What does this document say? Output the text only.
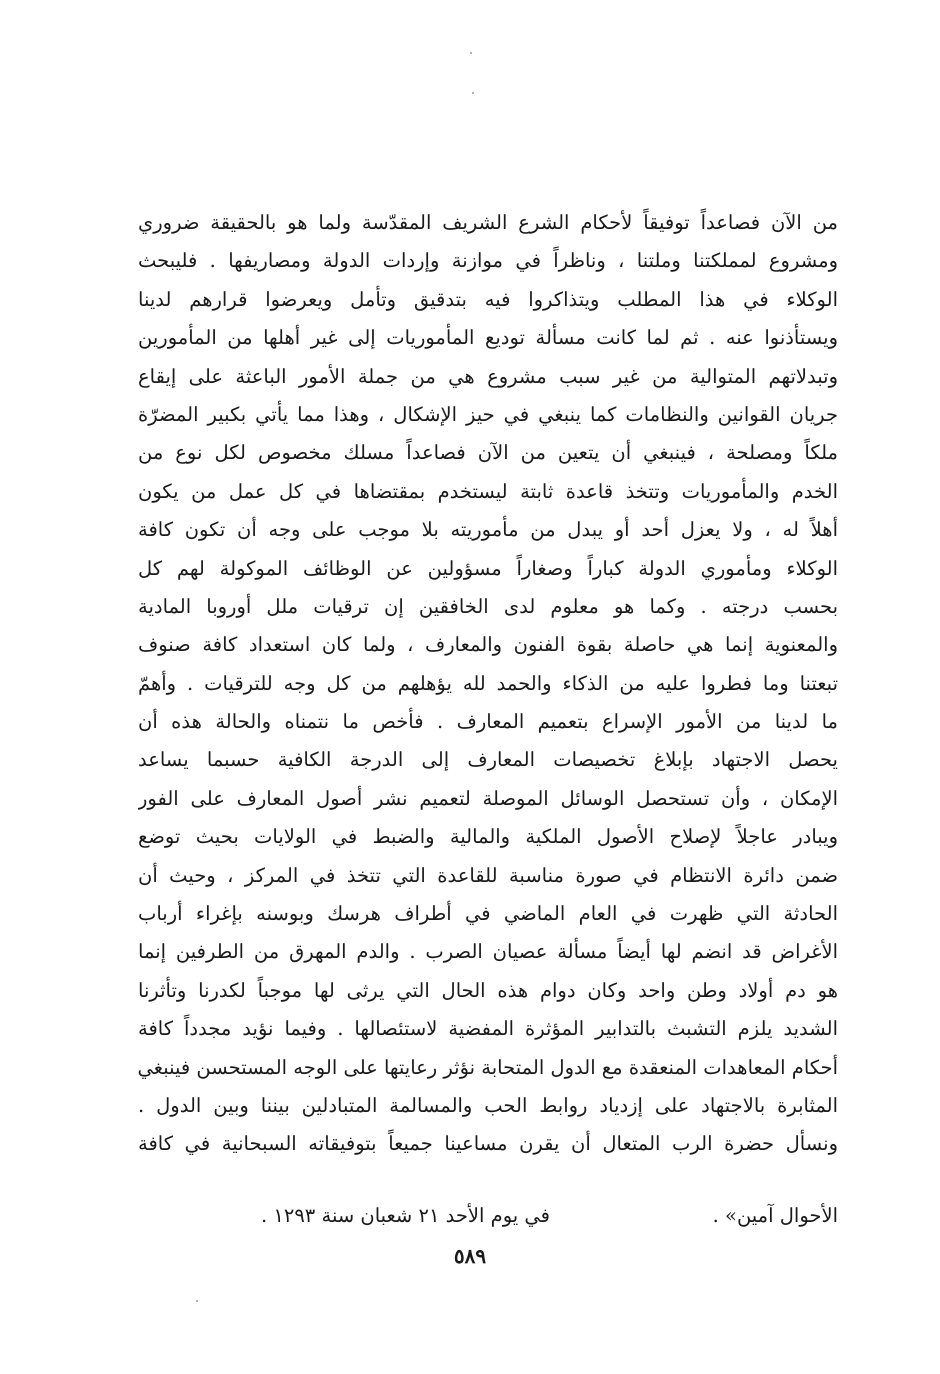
من الآن فصاعداً توفيقاً لأحكام الشرع الشريف المقدّسة ولما هو بالحقيقة ضروري
ومشروع لمملكتنا وملتنا ، وناظراً في موازنة وإردات الدولة ومصاريفها . فليبحث
الوكلاء في هذا المطلب ويتذاكروا فيه بتدقيق وتأمل ويعرضوا قرارهم لدينا
ويستأذنوا عنه . ثم لما كانت مسألة توديع المأموريات إلى غير أهلها من المأمورين
وتبدلاتهم المتوالية من غير سبب مشروع هي من جملة الأمور الباعثة على إيقاع
جريان القوانين والنظامات كما ينبغي في حيز الإشكال ، وهذا مما يأتي بكبير المضرّة
ملكاً ومصلحة ، فينبغي أن يتعين من الآن فصاعداً مسلك مخصوص لكل نوع من
الخدم والمأموريات وتتخذ قاعدة ثابتة ليستخدم بمقتضاها في كل عمل من يكون
أهلاً له ، ولا يعزل أحد أو يبدل من مأموريته بلا موجب على وجه أن تكون كافة
الوكلاء ومأموري الدولة كباراً وصغاراً مسؤولين عن الوظائف الموكولة لهم كل
بحسب درجته . وكما هو معلوم لدى الخافقين إن ترقيات ملل أوروبا المادية
والمعنوية إنما هي حاصلة بقوة الفنون والمعارف ، ولما كان استعداد كافة صنوف
تبعتنا وما فطروا عليه من الذكاء والحمد لله يؤهلهم من كل وجه للترقيات . وأهمّ
ما لدينا من الأمور الإسراع بتعميم المعارف . فأخص ما نتمناه والحالة هذه أن
يحصل الاجتهاد بإبلاغ تخصيصات المعارف إلى الدرجة الكافية حسبما يساعد
الإمكان ، وأن تستحصل الوسائل الموصلة لتعميم نشر أصول المعارف على الفور
ويبادر عاجلاً لإصلاح الأصول الملكية والمالية والضبط في الولايات بحيث توضع
ضمن دائرة الانتظام في صورة مناسبة للقاعدة التي تتخذ في المركز ، وحيث أن
الحادثة التي ظهرت في العام الماضي في أطراف هرسك وبوسنه بإغراء أرباب
الأغراض قد انضم لها أيضاً مسألة عصيان الصرب . والدم المهرق من الطرفين إنما
هو دم أولاد وطن واحد وكان دوام هذه الحال التي يرثى لها موجباً لكدرنا وتأثرنا
الشديد يلزم التشبث بالتدابير المؤثرة المفضية لاستئصالها . وفيما نؤيد مجدداً كافة
أحكام المعاهدات المنعقدة مع الدول المتحابة نؤثر رعايتها على الوجه المستحسن فينبغي
المثابرة بالاجتهاد على إزدياد روابط الحب والمسالمة المتبادلين بيننا وبين الدول .
ونسأل حضرة الرب المتعال أن يقرن مساعينا جميعاً بتوفيقاته السبحانية في كافة
الأحوال آمين» .
في يوم الأحد ٢١ شعبان سنة ١٢٩٣ .
٥٨٩
